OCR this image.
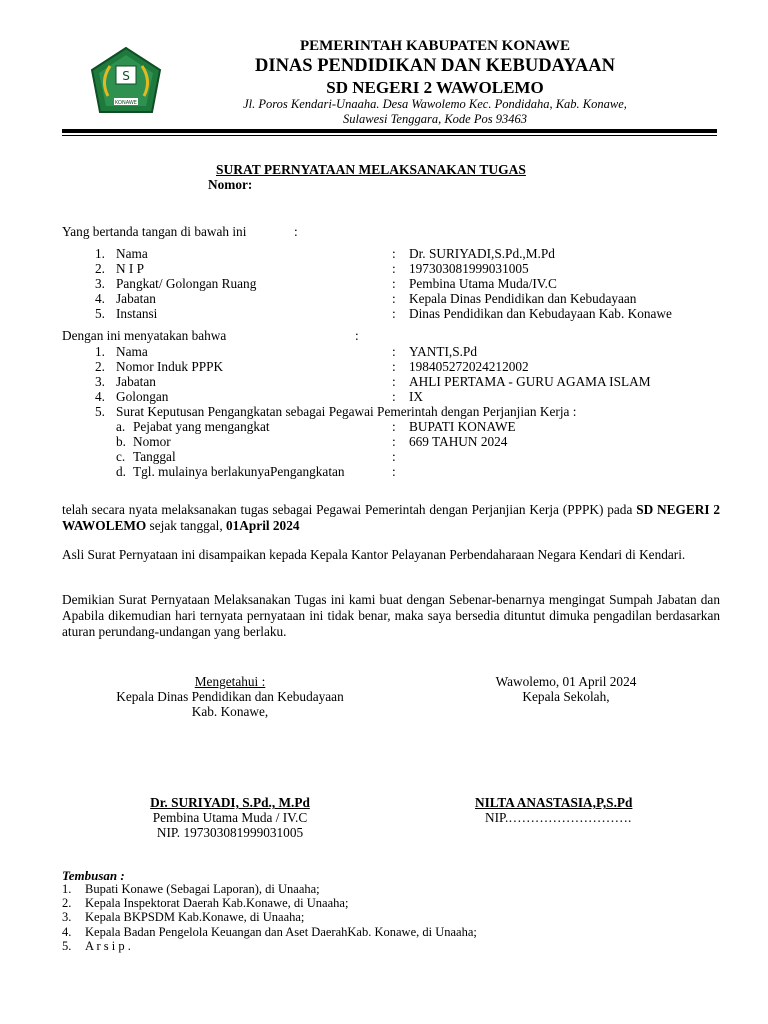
S
KONAWE
PEMERINTAH KABUPATEN KONAWE
DINAS PENDIDIKAN DAN KEBUDAYAAN
SD NEGERI 2 WAWOLEMO
Jl. Poros Kendari-Unaaha. Desa Wawolemo Kec. Pondidaha, Kab. Konawe,
Sulawesi Tenggara, Kode Pos 93463
SURAT PERNYATAAN MELAKSANAKAN TUGAS
Nomor:
Yang bertanda tangan di bawah ini	:
1. Nama	: Dr. SURIYADI,S.Pd.,M.Pd
2. N I P	: 197303081999031005
3. Pangkat/ Golongan Ruang	: Pembina Utama Muda/IV.C
4. Jabatan	: Kepala Dinas Pendidikan dan Kebudayaan
5. Instansi	: Dinas Pendidikan dan Kebudayaan Kab. Konawe
Dengan ini menyatakan bahwa	:
1. Nama	: YANTI,S.Pd
2. Nomor Induk PPPK	: 198405272024212002
3. Jabatan	: AHLI PERTAMA - GURU AGAMA ISLAM
4. Golongan	: IX
5. Surat Keputusan Pengangkatan sebagai Pegawai Pemerintah dengan Perjanjian Kerja :
a. Pejabat yang mengangkat	: BUPATI KONAWE
b. Nomor	: 669 TAHUN 2024
c. Tanggal	:
d. Tgl. mulainya berlakunyaPengangkatan	:
telah secara nyata melaksanakan tugas sebagai Pegawai Pemerintah dengan Perjanjian Kerja (PPPK) pada SD NEGERI 2 WAWOLEMO sejak tanggal, 01April 2024
Asli Surat Pernyataan ini disampaikan kepada Kepala Kantor Pelayanan Perbendaharaan Negara Kendari di Kendari.
Demikian Surat Pernyataan Melaksanakan Tugas ini kami buat dengan Sebenar-benarnya mengingat Sumpah Jabatan dan Apabila dikemudian hari ternyata pernyataan ini tidak benar, maka saya bersedia dituntut dimuka pengadilan berdasarkan aturan perundang-undangan yang berlaku.
Mengetahui :
Kepala Dinas Pendidikan dan Kebudayaan
Kab. Konawe,
Wawolemo, 01 April 2024
Kepala Sekolah,
Dr. SURIYADI, S.Pd., M.Pd
Pembina Utama Muda / IV.C
NIP. 197303081999031005
NILTA ANASTASIA,P,S.Pd
NIP.……………………….
Tembusan :
1. Bupati Konawe (Sebagai Laporan), di Unaaha;
2. Kepala Inspektorat Daerah Kab.Konawe, di Unaaha;
3. Kepala BKPSDM Kab.Konawe, di Unaaha;
4. Kepala Badan Pengelola Keuangan dan Aset DaerahKab. Konawe, di Unaaha;
5. A r s i p .
